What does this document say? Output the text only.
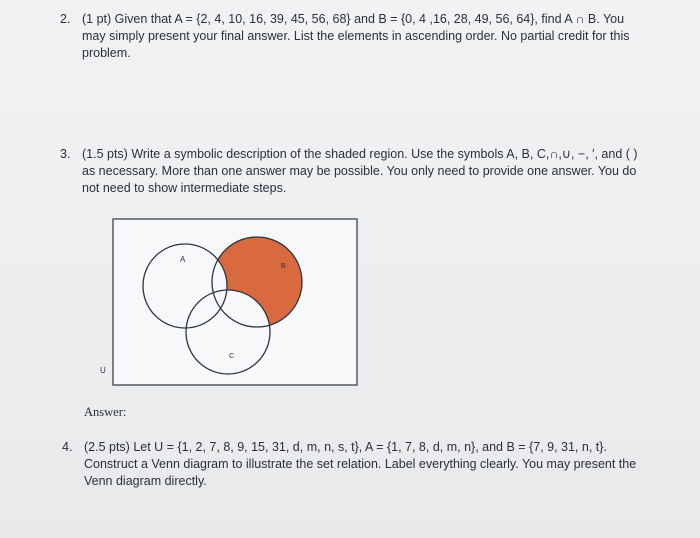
2. (1 pt) Given that A = {2, 4, 10, 16, 39, 45, 56, 68} and B = {0, 4 ,16, 28, 49, 56, 64}, find A ∩ B. You
may simply present your final answer. List the elements in ascending order. No partial credit for this
problem.
3. (1.5 pts) Write a symbolic description of the shaded region. Use the symbols A, B, C,∩,∪, −, ′, and ( )
as necessary. More than one answer may be possible. You only need to provide one answer. You do
not need to show intermediate steps.
A
B
C
U
Answer:
4. (2.5 pts) Let U = {1, 2, 7, 8, 9, 15, 31, d, m, n, s, t}, A = {1, 7, 8, d, m, n}, and B = {7, 9, 31, n, t}.
Construct a Venn diagram to illustrate the set relation. Label everything clearly. You may present the
Venn diagram directly.
